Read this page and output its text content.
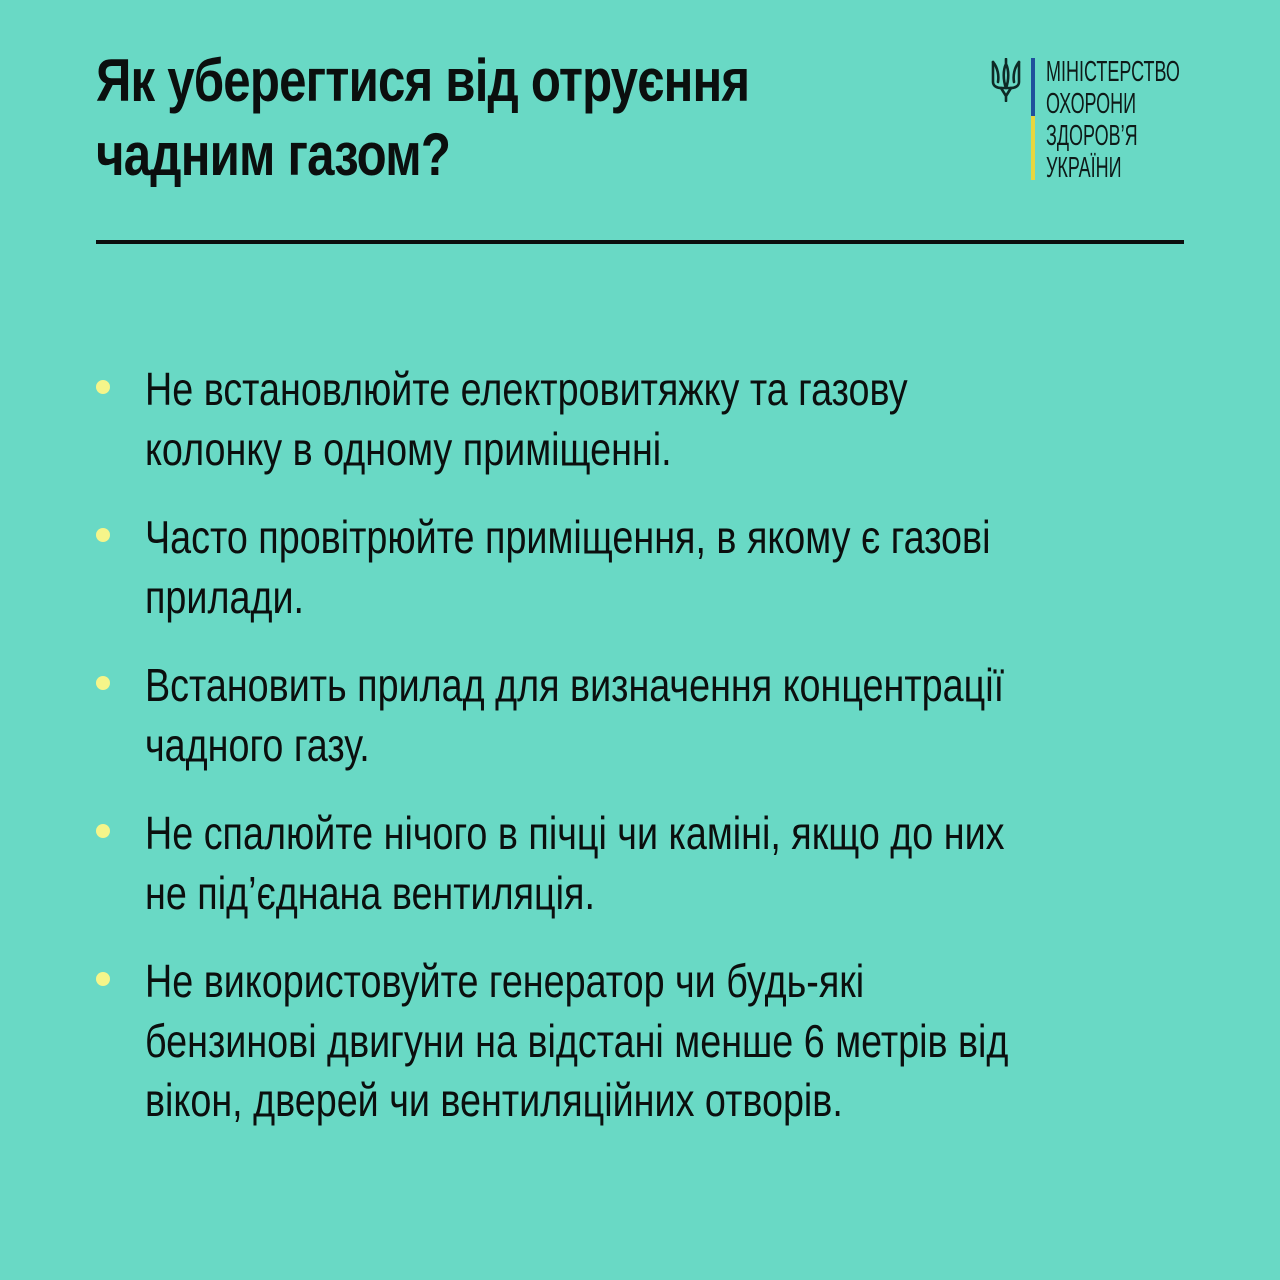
Як уберегтися від отруєння
чадним газом?
МІНІСТЕРСТВО
ОХОРОНИ
ЗДОРОВ’Я
УКРАЇНИ
Не встановлюйте електровитяжку та газову
колонку в одному приміщенні.
Часто провітрюйте приміщення, в якому є газові
прилади.
Встановить прилад для визначення концентрації
чадного газу.
Не спалюйте нічого в пічці чи каміні, якщо до них
не під’єднана вентиляція.
Не використовуйте генератор чи будь-які
бензинові двигуни на відстані менше 6 метрів від
вікон, дверей чи вентиляційних отворів.
